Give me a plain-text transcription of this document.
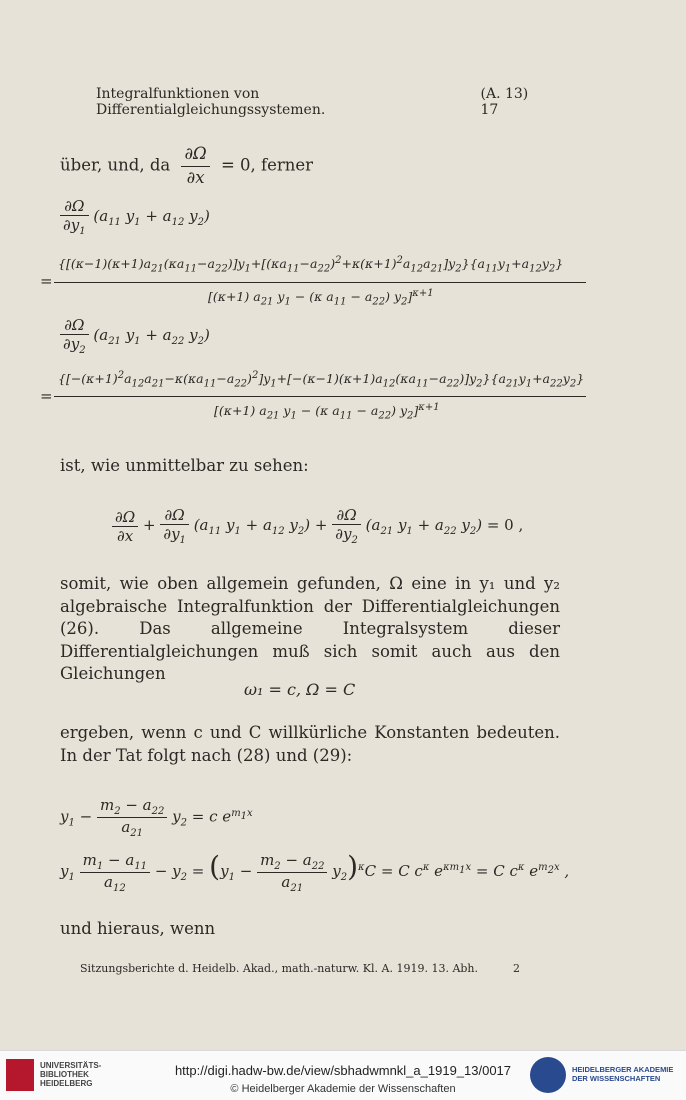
Integralfunktionen von Differentialgleichungssystemen.
(A. 13) 17
über, und, da $\frac{\partial\Omega}{\partial x} = 0$, ferner
$\frac{\partial\Omega}{\partial y_1} (a_{11}$ $y_1 + a_{12}$ $y_2$)
$\{[(\kappa-1)(\kappa+1)a_{21}(\kappa a_{11}-a_{22})]y_1+[(\kappa a_{11}-a_{22})^2+\kappa(\kappa+1)^2a_{12}a_{21}]y_2\}\{a_{11}y_1+a_{12}y_2\}$
=
[(κ+1) $a_{21}$ $y_1 - (\kappa$ $a_{11} - a_{22}$) $y_2]^{\kappa+1}$
$\frac{\partial\Omega}{\partial y_2} (a_{21}$ $y_1 + a_{22}$ $y_2$)
$\{[-(\kappa+1)^2a_{12}a_{21}-\kappa(\kappa a_{11}-a_{22})^2]y_1+[-(\kappa-1)(\kappa+1)a_{12}(\kappa a_{11}-a_{22})]y_2\}\{a_{21}y_1+a_{22}y_2\}$
=
[(κ+1) $a_{21}$ $y_1 - (\kappa$ $a_{11} - a_{22}$) $y_2]^{\kappa+1}$
ist, wie unmittelbar zu sehen:
$\frac{\partial\Omega}{\partial x} + \frac{\partial\Omega}{\partial y_1} (a_{11}$ $y_1 + a_{12}$ $y_2) + \frac{\partial\Omega}{\partial y_2} (a_{21}$ $y_1 + a_{22}$ $y_2) = 0$ ,
somit, wie oben allgemein gefunden, Ω eine in y₁ und y₂ algebraische Integralfunktion der Differentialgleichungen (26). Das allgemeine Integralsystem dieser Differentialgleichungen muß sich somit auch aus den Gleichungen
ω₁ = c, Ω = C
ergeben, wenn c und C willkürliche Konstanten bedeuten. In der Tat folgt nach (28) und (29):
$y_1 - \frac{m_2 - a_{22}}{a_{21}} y_2 = c$ $e^{m_1x}$
$y_1 \frac{m_1 - a_{11}}{a_{12}} - y_2 = (y_1 - \frac{m_2 - a_{22}}{a_{21}} y_2)^\kappa C = C$ $c^\kappa$ $e^{\kappa m_1x} = C$ $c^\kappa$ $e^{m_2x}$ ,
und hieraus, wenn
Sitzungsberichte d. Heidelb. Akad., math.-naturw. Kl. A. 1919. 13. Abh.	2
UNIVERSITÄTS-
BIBLIOTHEK
HEIDELBERG
http://digi.hadw-bw.de/view/sbhadwmnkl_a_1919_13/0017
© Heidelberger Akademie der Wissenschaften
HEIDELBERGER AKADEMIE
DER WISSENSCHAFTEN
